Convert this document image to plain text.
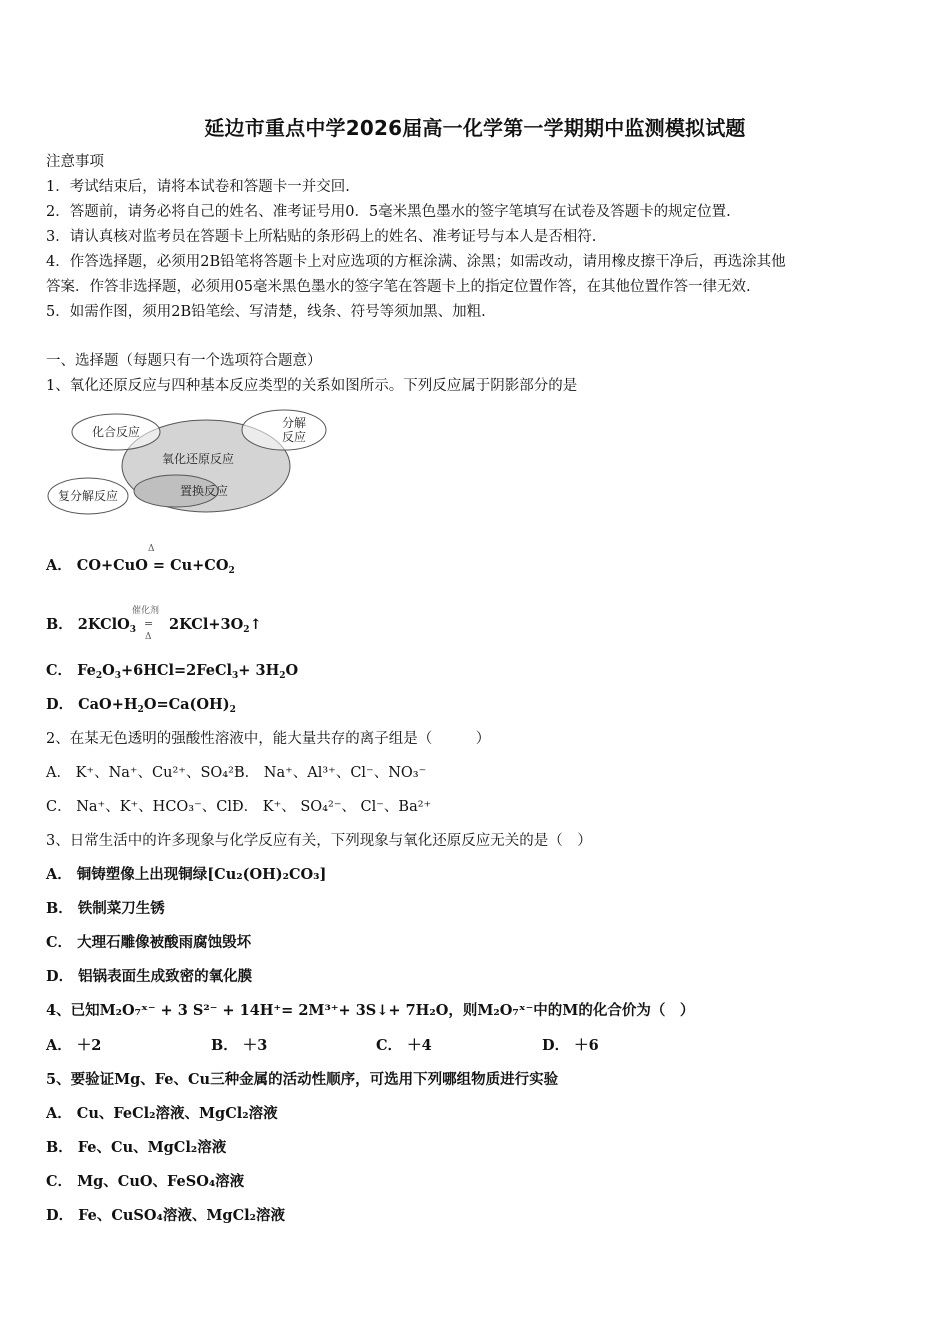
延边市重点中学2026届高一化学第一学期期中监测模拟试题
注意事项
1．考试结束后，请将本试卷和答题卡一并交回.
2．答题前，请务必将自己的姓名、准考证号用0．5毫米黑色墨水的签字笔填写在试卷及答题卡的规定位置.
3．请认真核对监考员在答题卡上所粘贴的条形码上的姓名、准考证号与本人是否相符.
4．作答选择题，必须用2B铅笔将答题卡上对应选项的方框涂满、涂黑；如需改动，请用橡皮擦干净后，再选涂其他
答案．作答非选择题，必须用05毫米黑色墨水的签字笔在答题卡上的指定位置作答，在其他位置作答一律无效.
5．如需作图，须用2B铅笔绘、写清楚，线条、符号等须加黑、加粗.
一、选择题（每题只有一个选项符合题意）
1、氧化还原反应与四种基本反应类型的关系如图所示。下列反应属于阴影部分的是
化合反应
分解
反应
氧化还原反应
置换反应
复分解反应
Δ
A． $CO+CuO = Cu+CO_2$
催化剂
=
Δ
B． 2KClO$_3$ $2KCl+3O_2↑$
C． $Fe_2O_3+6HCl=2FeCl_3+ 3H_2O$
D． $CaO+H_2O=Ca(OH)_2$
2、在某无色透明的强酸性溶液中，能大量共存的离子组是（　　　）
A． K⁺、Na⁺、Cu²⁺、SO₄²⁻
B． Na⁺、Al³⁺、Cl⁻、NO₃⁻
C． Na⁺、K⁺、HCO₃⁻、Cl⁻
D． K⁺、 SO₄²⁻、 Cl⁻、Ba²⁺
3、日常生活中的许多现象与化学反应有关，下列现象与氧化还原反应无关的是（　）
A． 铜铸塑像上出现铜绿[Cu₂(OH)₂CO₃]
B． 铁制菜刀生锈
C． 大理石雕像被酸雨腐蚀毁坏
D． 铝锅表面生成致密的氧化膜
4、已知M₂O₇ˣ⁻ + 3 S²⁻ + 14H⁺= 2M³⁺+ 3S↓+ 7H₂O，则M₂O₇ˣ⁻中的M的化合价为（　）
A． ＋2	B． ＋3	C． ＋4	D． ＋6
5、要验证Mg、Fe、Cu三种金属的活动性顺序，可选用下列哪组物质进行实验
A． Cu、FeCl₂溶液、MgCl₂溶液
B． Fe、Cu、MgCl₂溶液
C． Mg、CuO、FeSO₄溶液
D． Fe、CuSO₄溶液、MgCl₂溶液
